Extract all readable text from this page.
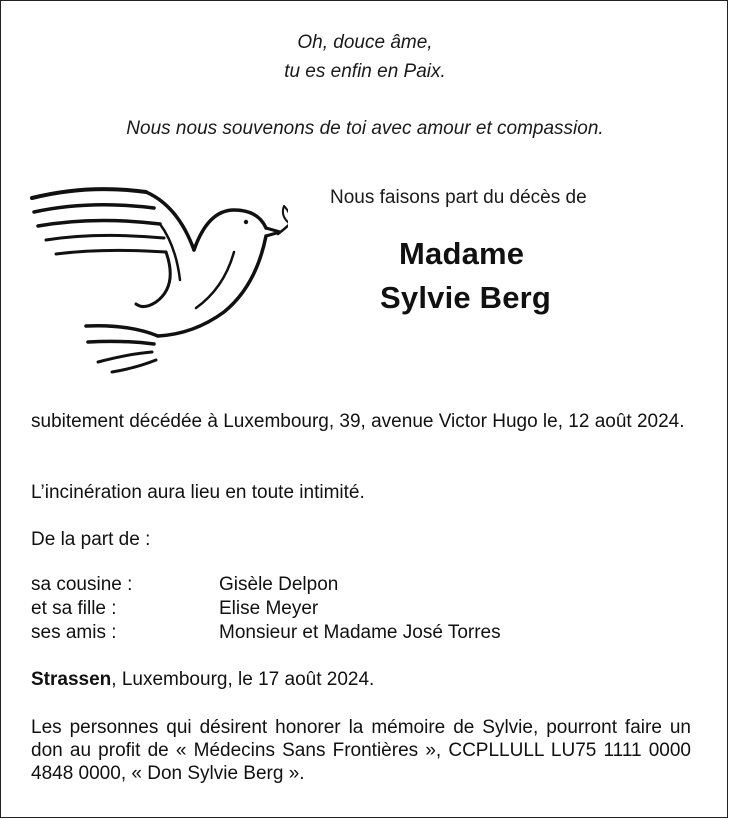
Oh, douce âme,
tu es enfin en Paix.
Nous nous souvenons de toi avec amour et compassion.
Nous faisons part du décès de
Madame
Sylvie Berg
subitement décédée à Luxembourg, 39, avenue Victor Hugo le, 12 août 2024.
L’incinération aura lieu en toute intimité.
De la part de :
sa cousine :	Gisèle Delpon
et sa fille :	Elise Meyer
ses amis :	Monsieur et Madame José Torres
Strassen, Luxembourg, le 17 août 2024.
Les personnes qui désirent honorer la mémoire de Sylvie, pourront faire un don au profit de « Médecins Sans Frontières », CCPLLULL LU75 1111 0000 4848 0000, « Don Sylvie Berg ».
